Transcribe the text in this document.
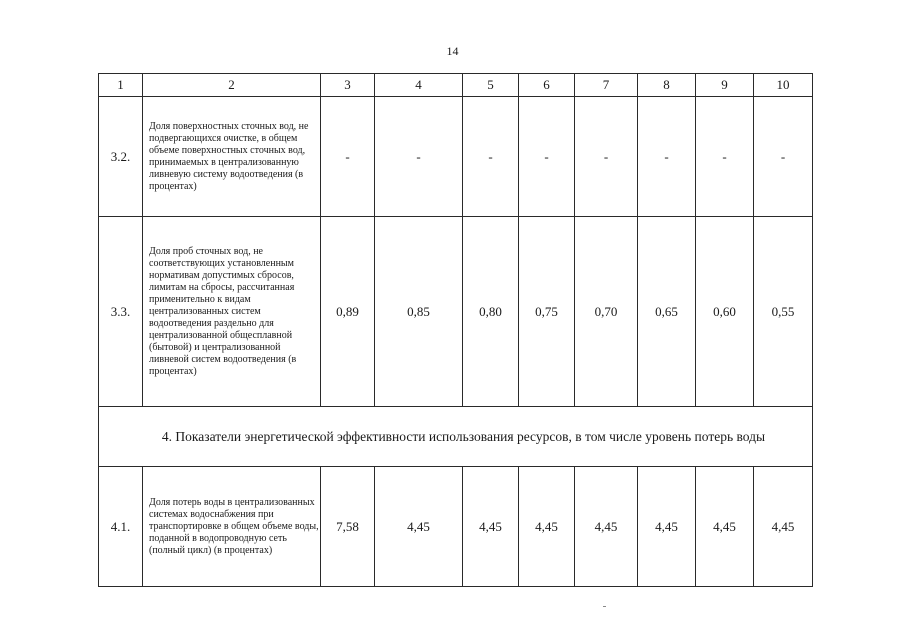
14
1	2	3	4	5	6	7	8	9	10
3.2.	Доля поверхностных сточных вод, не подвергающихся очистке, в общем объеме поверхностных сточных вод, принимаемых в централизованную ливневую систему водоотведения (в процентах)	-	-	-	-	-	-	-	-
3.3.	Доля проб сточных вод, не соответствующих установленным нормативам допустимых сбросов, лимитам на сбросы, рассчитанная применительно к видам централизованных систем водоотведения раздельно для централизованной общесплавной (бытовой) и централизованной ливневой систем водоотведения (в процентах)	0,89	0,85	0,80	0,75	0,70	0,65	0,60	0,55
4. Показатели энергетической эффективности использования ресурсов, в том числе уровень потерь воды									
4.1.	Доля потерь воды в централизованных системах водоснабжения при транспортировке в общем объеме воды, поданной в водопроводную сеть (полный цикл) (в процентах)	7,58	4,45	4,45	4,45	4,45	4,45	4,45	4,45
